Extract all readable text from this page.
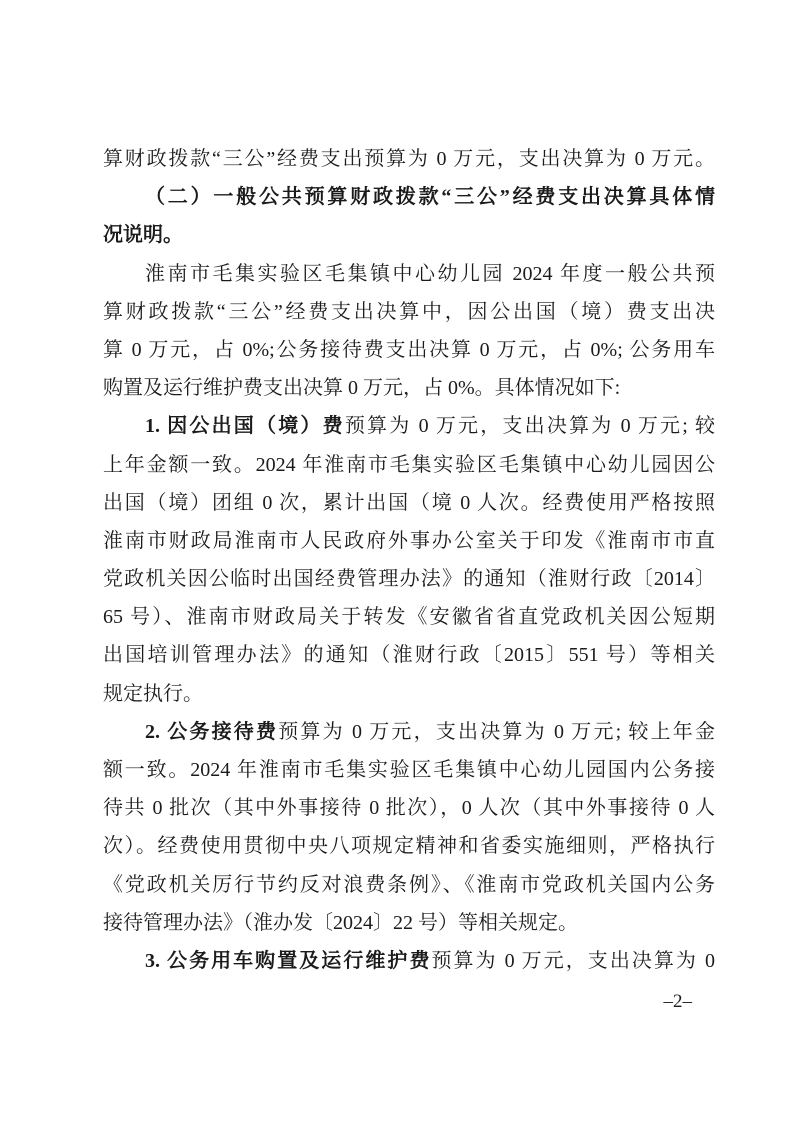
算财政拨款“三公”经费支出预算为 0 万元，支出决算为 0 万元。
（二）一般公共预算财政拨款“三公”经费支出决算具体情
况说明。
淮南市毛集实验区毛集镇中心幼儿园 2024 年度一般公共预
算财政拨款“三公”经费支出决算中，因公出国（境）费支出决
算 0 万元，占 0%;公务接待费支出决算 0 万元，占 0%; 公务用车
购置及运行维护费支出决算 0 万元，占 0%。具体情况如下:
1. 因公出国（境）费预算为 0 万元，支出决算为 0 万元; 较
上年金额一致。2024 年淮南市毛集实验区毛集镇中心幼儿园因公
出国（境）团组 0 次，累计出国（境 0 人次。经费使用严格按照
淮南市财政局淮南市人民政府外事办公室关于印发《淮南市市直
党政机关因公临时出国经费管理办法》的通知（淮财行政〔2014〕
65 号）、淮南市财政局关于转发《安徽省省直党政机关因公短期
出国培训管理办法》的通知（淮财行政〔2015〕551 号）等相关
规定执行。
2. 公务接待费预算为 0 万元，支出决算为 0 万元; 较上年金
额一致。2024 年淮南市毛集实验区毛集镇中心幼儿园国内公务接
待共 0 批次（其中外事接待 0 批次），0 人次（其中外事接待 0 人
次）。经费使用贯彻中央八项规定精神和省委实施细则，严格执行
《党政机关厉行节约反对浪费条例》、《淮南市党政机关国内公务
接待管理办法》（淮办发〔2024〕22 号）等相关规定。
3. 公务用车购置及运行维护费预算为 0 万元，支出决算为 0
–2–
